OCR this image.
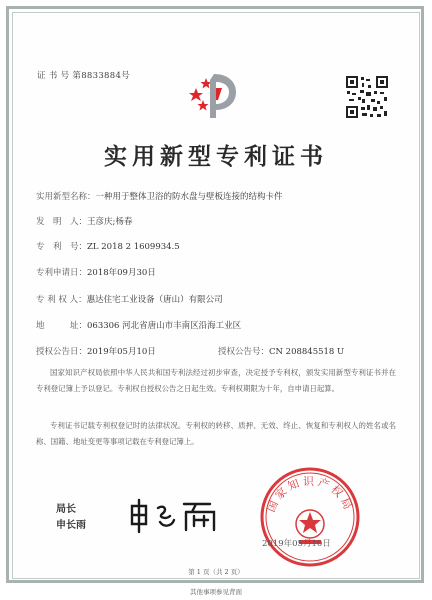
证 书 号 第8833884号
实用新型专利证书
实用新型名称：一种用于整体卫浴的防水盘与壁板连接的结构卡件
发　明　人：王彦庆;杨春
专　利　号：ZL 2018 2 1609934.5
专利申请日：2018年09月30日
专 利 权 人：惠达住宅工业设备（唐山）有限公司
地　　　址：063306 河北省唐山市丰南区沿海工业区
授权公告日：2019年05月10日	授权公告号：CN 208845518 U
国家知识产权局依照中华人民共和国专利法经过初步审查，决定授予专利权，颁发实用新型专利证书并在专利登记簿上予以登记。专利权自授权公告之日起生效。专利权期限为十年，自申请日起算。
专利证书记载专利权登记时的法律状况。专利权的转移、质押、无效、终止、恢复和专利权人的姓名或名称、国籍、地址变更等事项记载在专利登记簿上。
局长
申长雨
国家知识产权局
2019年05月10日
第 1 页（共 2 页）
其他事项参见背面
